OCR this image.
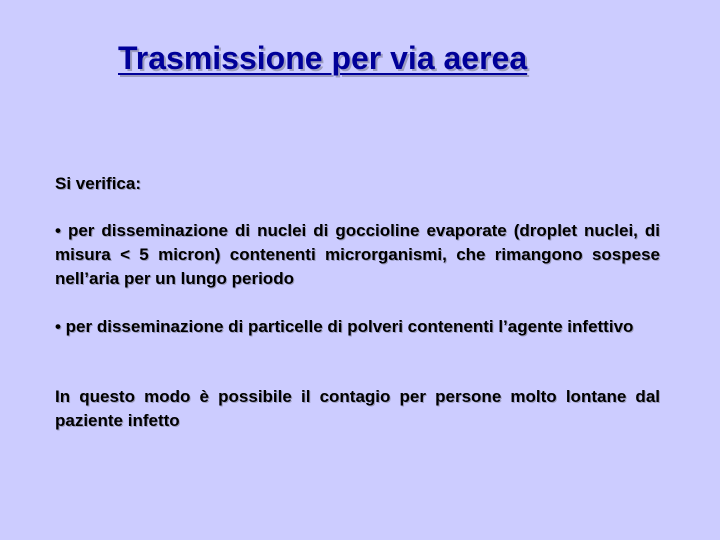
Trasmissione per via aerea

Si verifica:

• per disseminazione di nuclei di goccioline evaporate (droplet nuclei, di misura < 5 micron) contenenti microrganismi, che rimangono sospese nell’aria per un lungo periodo

• per disseminazione di particelle di polveri contenenti l’agente infettivo

In questo modo è possibile il contagio per persone molto lontane dal paziente infetto
